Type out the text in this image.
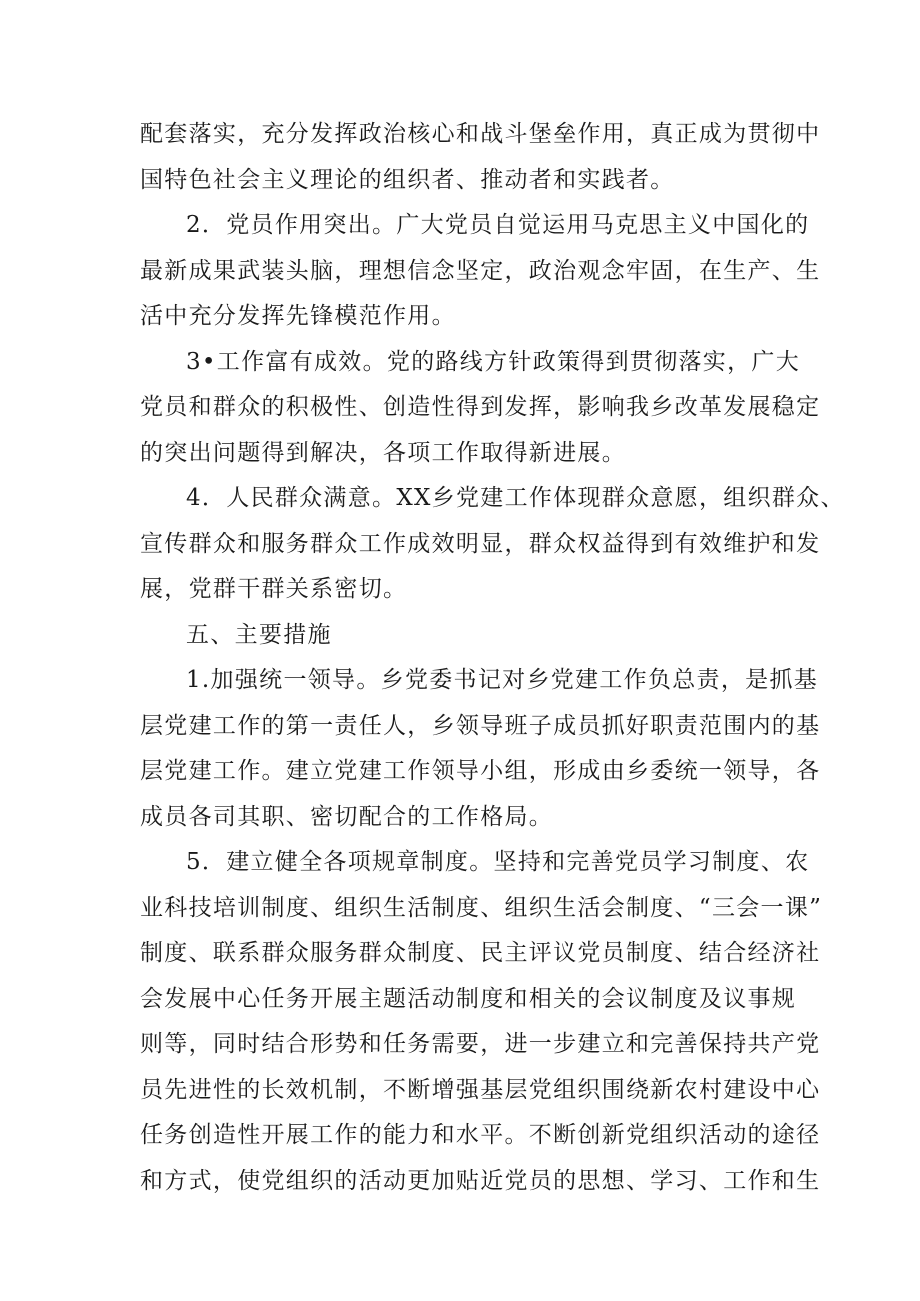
配套落实，充分发挥政治核心和战斗堡垒作用，真正成为贯彻中
国特色社会主义理论的组织者、推动者和实践者。
2．党员作用突出。广大党员自觉运用马克思主义中国化的
最新成果武装头脑，理想信念坚定，政治观念牢固，在生产、生
活中充分发挥先锋模范作用。
3•工作富有成效。党的路线方针政策得到贯彻落实，广大
党员和群众的积极性、创造性得到发挥，影响我乡改革发展稳定
的突出问题得到解决，各项工作取得新进展。
4．人民群众满意。XX乡党建工作体现群众意愿，组织群众、
宣传群众和服务群众工作成效明显，群众权益得到有效维护和发
展，党群干群关系密切。
五、主要措施
1.加强统一领导。乡党委书记对乡党建工作负总责，是抓基
层党建工作的第一责任人，乡领导班子成员抓好职责范围内的基
层党建工作。建立党建工作领导小组，形成由乡委统一领导，各
成员各司其职、密切配合的工作格局。
5．建立健全各项规章制度。坚持和完善党员学习制度、农
业科技培训制度、组织生活制度、组织生活会制度、“三会一课”
制度、联系群众服务群众制度、民主评议党员制度、结合经济社
会发展中心任务开展主题活动制度和相关的会议制度及议事规
则等，同时结合形势和任务需要，进一步建立和完善保持共产党
员先进性的长效机制，不断增强基层党组织围绕新农村建设中心
任务创造性开展工作的能力和水平。不断创新党组织活动的途径
和方式，使党组织的活动更加贴近党员的思想、学习、工作和生
